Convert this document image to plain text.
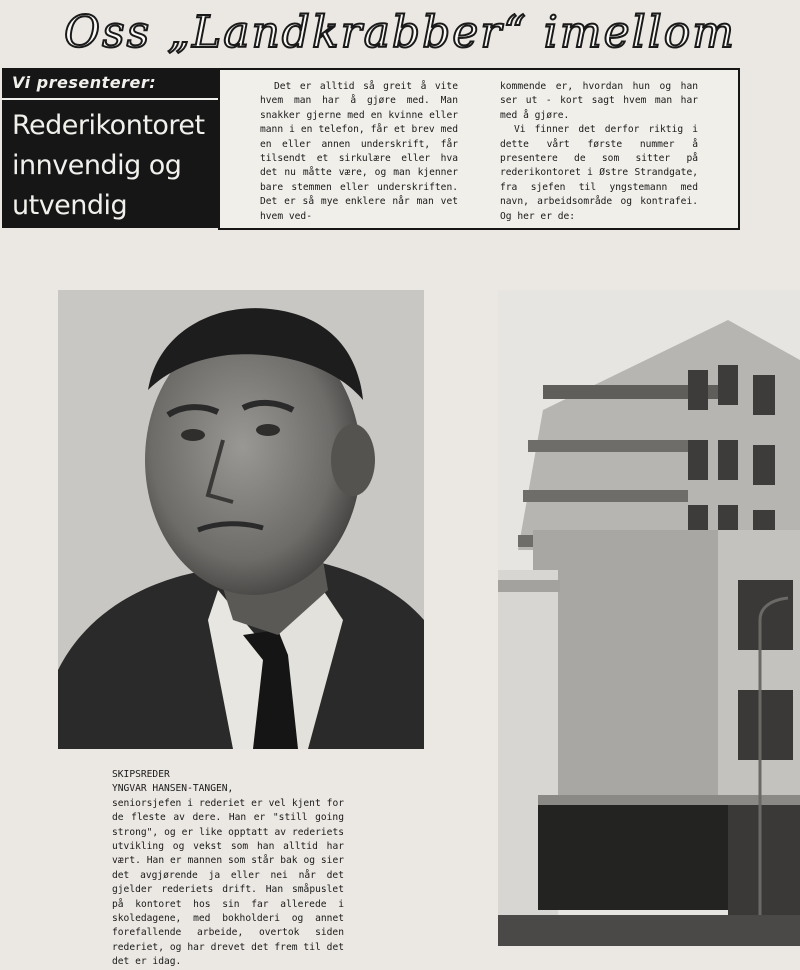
Oss „Landkrabber“ imellom
Vi presenterer:
Rederikontoret innvendig og utvendig

Det er alltid så greit å vite hvem man har å gjøre med. Man snakker gjerne med en kvinne eller mann i en telefon, får et brev med en eller annen underskrift, får tilsendt et sirkulære eller hva det nu måtte være, og man kjenner bare stemmen eller underskriften. Det er så mye enklere når man vet hvem ved-

kommende er, hvordan hun og han ser ut - kort sagt hvem man har med å gjøre.

Vi finner det derfor riktig i dette vårt første nummer å presentere de som sitter på rederikontoret i Østre Strandgate, fra sjefen til yngstemann med navn, arbeidsområde og kontrafei. Og her er de:

SKIPSREDER
YNGVAR HANSEN-TANGEN,
seniorsjefen i rederiet er vel kjent for de fleste av dere. Han er "still going strong", og er like opptatt av rederiets utvikling og vekst som han alltid har vært. Han er mannen som står bak og sier det avgjørende ja eller nei når det gjelder rederiets drift. Han småpuslet på kontoret hos sin far allerede i skoledagene, med bokholderi og annet forefallende arbeide, overtok siden rederiet, og har drevet det frem til det det er idag.
